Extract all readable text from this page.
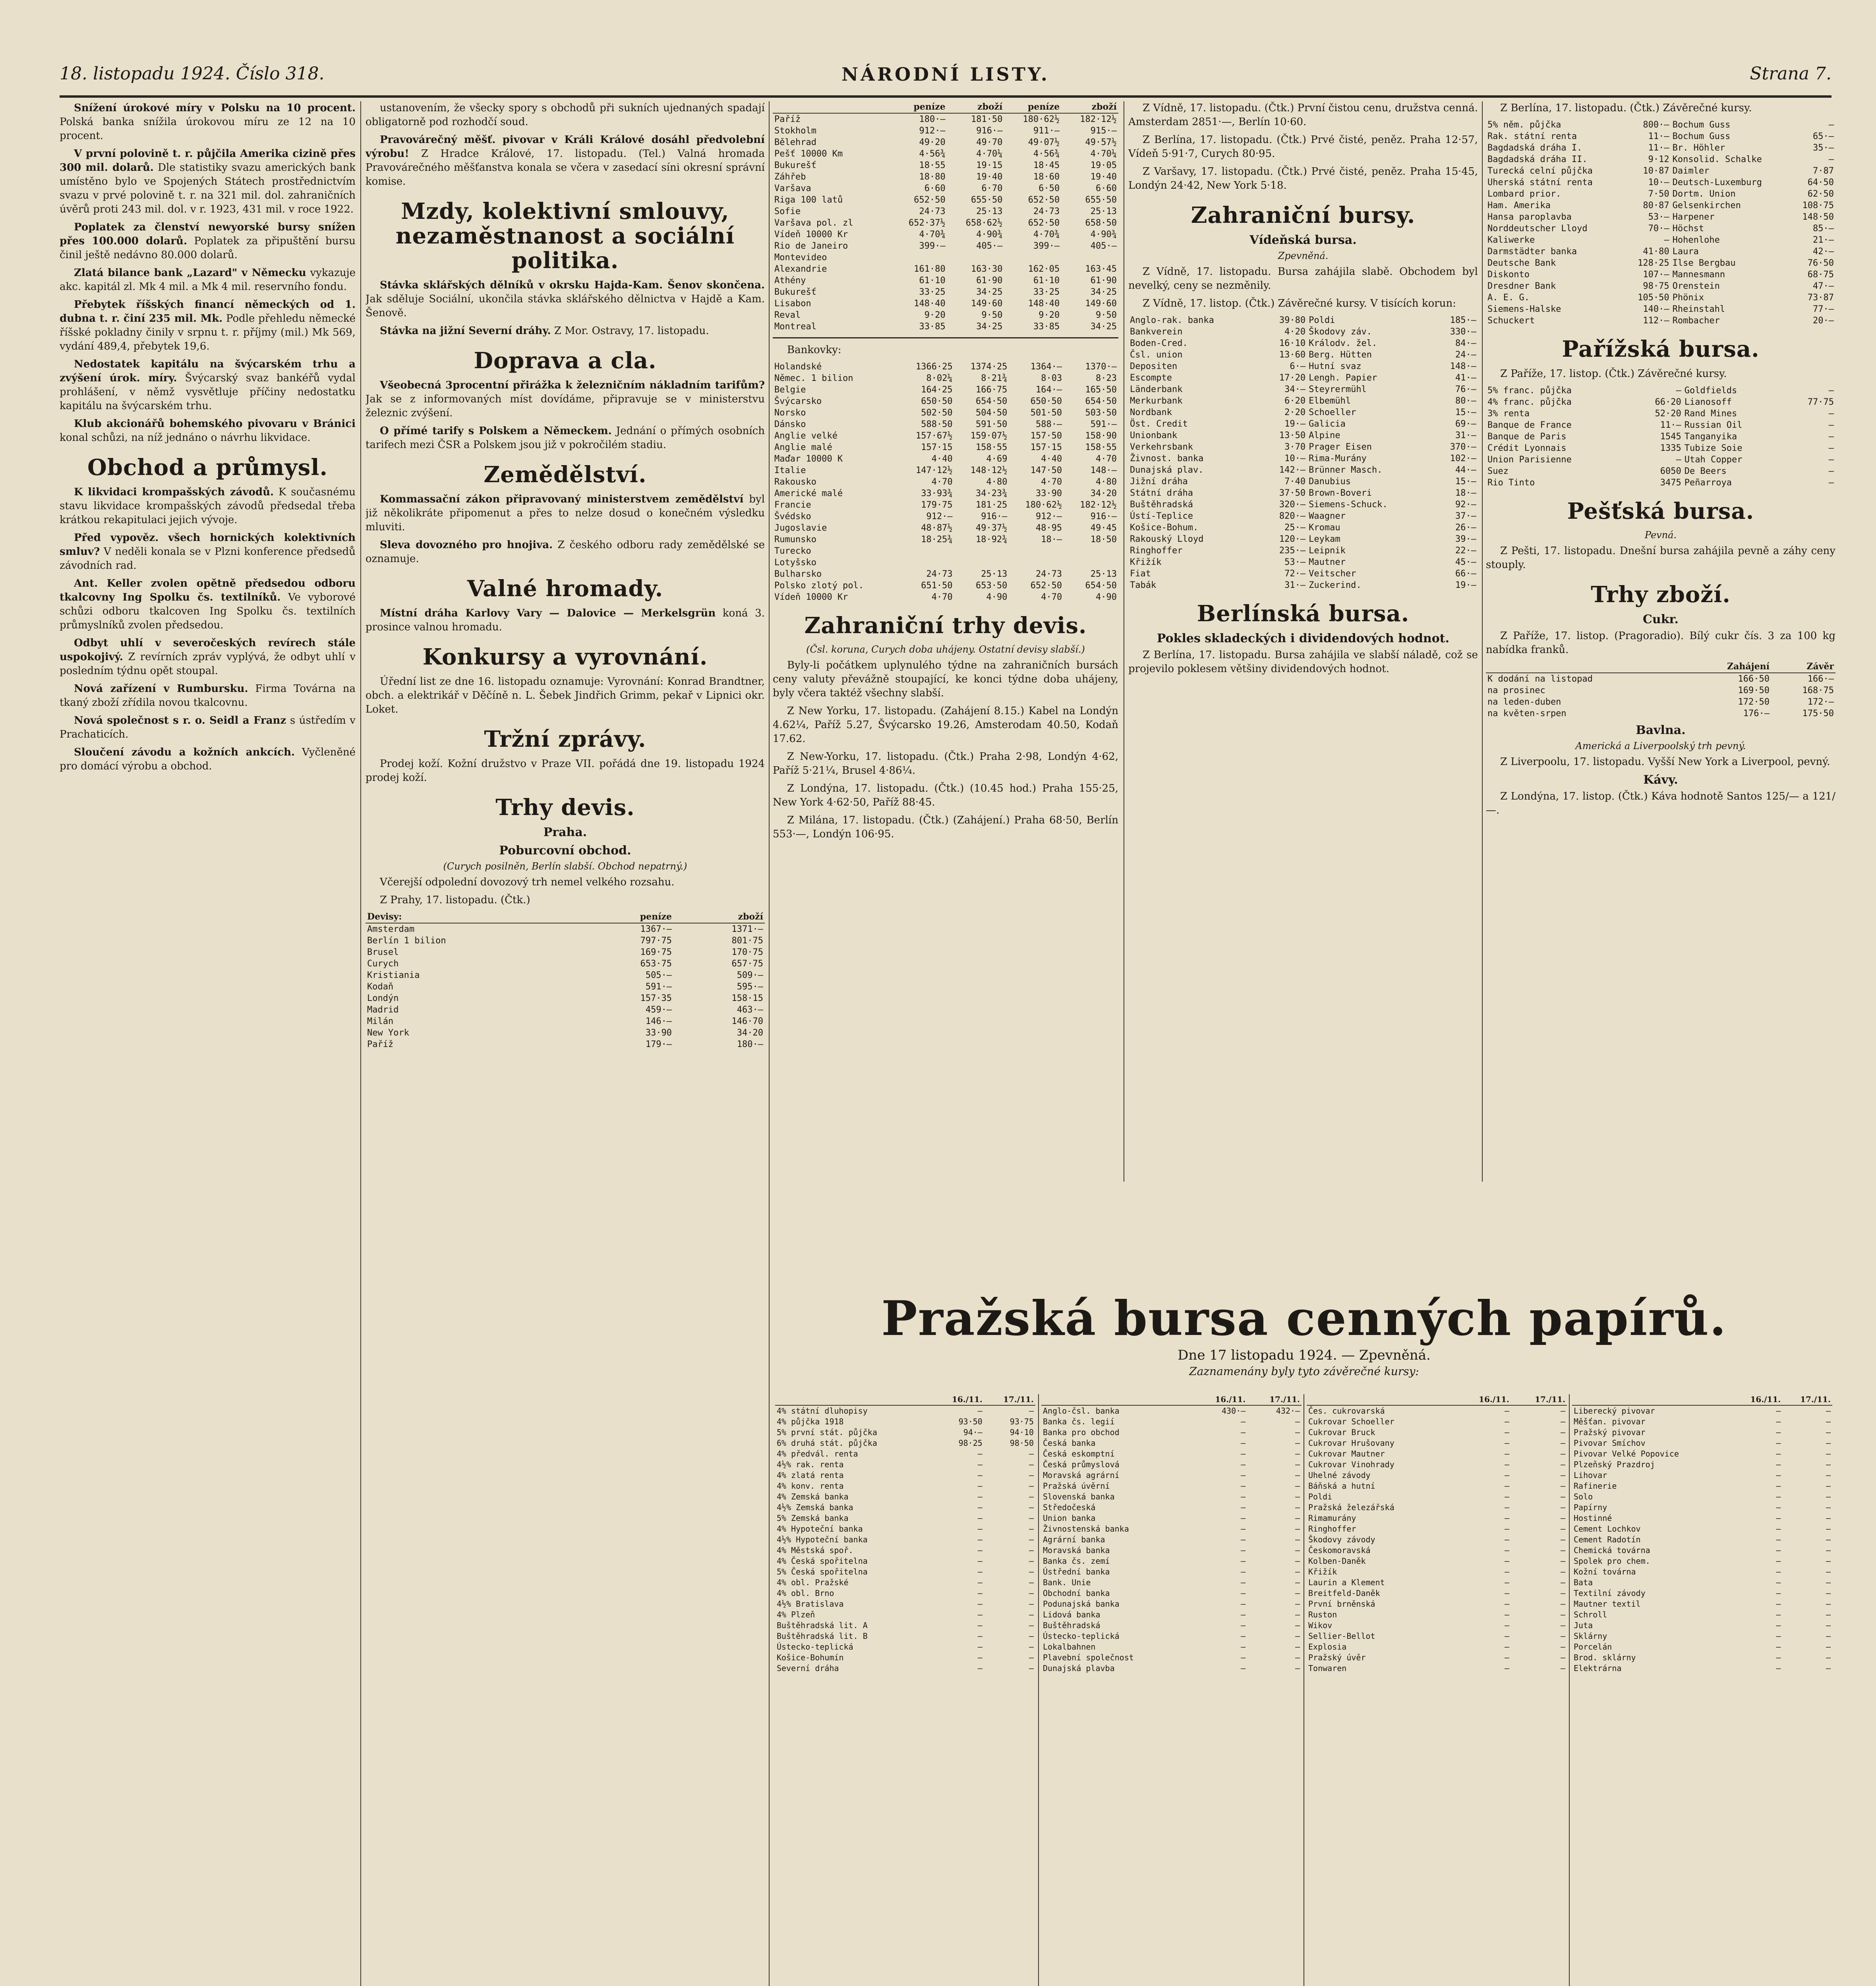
18. listopadu 1924. Číslo 318.	NÁRODNÍ LISTY.	Strana 7.

Snížení úrokové míry v Polsku na 10 procent. Polská banka snížila úrokovou míru ze 12 na 10 procent.

V první polovině t. r. půjčila Amerika cizině přes 300 mil. dolarů. Dle statistiky svazu amerických bank umístěno bylo ve Spojených Státech prostřednictvím svazu v prvé polovině t. r. na 321 mil. dol. zahraničních úvěrů proti 243 mil. dol. v r. 1923, 431 mil. v roce 1922.

Poplatek za členství newyorské bursy snížen přes 100.000 dolarů. Poplatek za připuštění bursu činil ještě nedávno 80.000 dolarů.

Zlatá bilance bank „Lazard" v Německu vykazuje akc. kapitál zl. Mk 4 mil. a Mk 4 mil. reservního fondu.

Přebytek říšských financí německých od 1. dubna t. r. činí 235 mil. Mk. Podle přehledu německé říšské pokladny činily v srpnu t. r. příjmy (mil.) Mk 569, vydání 489,4, přebytek 19,6.

Nedostatek kapitálu na švýcarském trhu a zvýšení úrok. míry. Švýcarský svaz bankéřů vydal prohlášení, v němž vysvětluje příčiny nedostatku kapitálu na švýcarském trhu.

Klub akcionářů bohemského pivovaru v Bránici konal schůzi, na níž jednáno o návrhu likvidace.

Obchod a průmysl.

K likvidaci krompašských závodů. K současnému stavu likvidace krompašských závodů předsedal třeba krátkou rekapitulaci jejich vývoje.

Před vypověz. všech hornických kolektivních smluv? V neděli konala se v Plzni konference předsedů závodních rad.

Ant. Keller zvolen opětně předsedou odboru tkalcovny Ing Spolku čs. textilníků. Ve vyborové schůzi odboru tkalcoven Ing Spolku čs. textilních průmyslníků zvolen předsedou.

Odbyt uhlí v severočeských revírech stále uspokojivý. Z revírních zpráv vyplývá, že odbyt uhlí v posledním týdnu opět stoupal.

Nová zařízení v Rumbursku. Firma Továrna na tkaný zboží zřídila novou tkalcovnu.

Nová společnost s r. o. Seidl a Franz s ústředím v Prachaticích.

Sloučení závodu a kožních ankcích. Vyčleněné pro domácí výrobu a obchod.

ustanovením, že všecky spory s obchodů při sukních ujednaných spadají obligatorně pod rozhodčí soud.

Pravovárečný měšť. pivovar v Králi Králové dosáhl předvolební výrobu! Z Hradce Králové, 17. listopadu. (Tel.) Valná hromada Pravovárečného měšťanstva konala se včera v zasedací síni okresní správní komise.

Mzdy, kolektivní smlouvy, nezaměstnanost a sociální politika.

Stávka sklářských dělníků v okrsku Hajda-Kam. Šenov skončena. Jak sděluje Sociální, ukončila stávka sklářského dělnictva v Hajdě a Kam. Šenově.

Stávka na jižní Severní dráhy. Z Mor. Ostravy, 17. listopadu.

Doprava a cla.

Všeobecná 3procentní přirážka k železničním nákladním tarifům? Jak se z informovaných míst dovídáme, připravuje se v ministerstvu železnic zvýšení.

O přímé tarify s Polskem a Německem. Jednání o přímých osobních tarifech mezi ČSR a Polskem jsou již v pokročilém stadiu.

Zemědělství.

Kommassační zákon připravovaný ministerstvem zemědělství byl již několikráte připomenut a přes to nelze dosud o konečném výsledku mluviti.

Sleva dovozného pro hnojiva. Z českého odboru rady zemědělské se oznamuje.

Valné hromady.

Místní dráha Karlovy Vary — Dalovice — Merkelsgrün koná 3. prosince valnou hromadu.

Konkursy a vyrovnání.

Úřední list ze dne 16. listopadu oznamuje: Vyrovnání: Konrad Brandtner, obch. a elektrikář v Děčíně n. L. Šebek Jindřich Grimm, pekař v Lipnici okr. Loket.

Tržní zprávy.

Prodej koží. Kožní družstvo v Praze VII. pořádá dne 19. listopadu 1924 prodej koží.

Trhy devis.
Praha.
Poburcovní obchod.
(Curych posilněn, Berlín slabší. Obchod nepatrný.)

Včerejší odpolední dovozový trh nemel velkého rozsahu.

Z Prahy, 17. listopadu. (Čtk.)

Devisy:	peníze	zboží
Amsterdam	1367·—	1371·—
Berlín 1 bilion	797·75	801·75
Brusel	169·75	170·75
Curych	653·75	657·75
Kristiania	505·—	509·—
Kodaň	591·—	595·—
Londýn	157·35	158·15
Madrid	459·—	463·—
Milán	146·—	146·70
New York	33·90	34·20
Paříž	179·—	180·—
	peníze	zboží	peníze	zboží
Paříž	180·—	181·50	180·62½	182·12½
Stokholm	912·—	916·—	911·—	915·—
Bělehrad	49·20	49·70	49·07½	49·57½
Pešť 10000 Km	4·56¾	4·70¼	4·56¾	4·70¼
Bukurešť	18·55	19·15	18·45	19·05
Záhřeb	18·80	19·40	18·60	19·40
Varšava	6·60	6·70	6·50	6·60
Riga 100 latů	652·50	655·50	652·50	655·50
Sofie	24·73	25·13	24·73	25·13
Varšava pol. zl	652·37½	658·62½	652·50	658·50
Vídeň 10000 Kr	4·70¾	4·90¾	4·70¾	4·90¾
Rio de Janeiro	399·—	405·—	399·—	405·—
Montevideo				
Alexandrie	161·80	163·30	162·05	163·45
Athény	61·10	61·90	61·10	61·90
Bukurešť	33·25	34·25	33·25	34·25
Lisabon	148·40	149·60	148·40	149·60
Reval	9·20	9·50	9·20	9·50
Montreal	33·85	34·25	33·85	34·25

Bankovky:

Holandské	1366·25	1374·25	1364·—	1370·—
Němec. 1 bilion	8·02¼	8·21¾	8·03	8·23
Belgie	164·25	166·75	164·—	165·50
Švýcarsko	650·50	654·50	650·50	654·50
Norsko	502·50	504·50	501·50	503·50
Dánsko	588·50	591·50	588·—	591·—
Anglie velké	157·67½	159·07½	157·50	158·90
Anglie malé	157·15	158·55	157·15	158·55
Maďar 10000 K	4·40	4·69	4·40	4·70
Italie	147·12½	148·12½	147·50	148·—
Rakousko	4·70	4·80	4·70	4·80
Americké malé	33·93¾	34·23¾	33·90	34·20
Francie	179·75	181·25	180·62½	182·12½
Švédsko	912·—	916·—	912·—	916·—
Jugoslavie	48·87½	49·37½	48·95	49·45
Rumunsko	18·25¾	18·92¾	18·—	18·50
Turecko				
Lotyšsko				
Bulharsko	24·73	25·13	24·73	25·13
Polsko zlotý pol.	651·50	653·50	652·50	654·50
Vídeň 10000 Kr	4·70	4·90	4·70	4·90
Zahraniční trhy devis.
(Čsl. koruna, Curych doba uhájeny. Ostatní devisy slabší.)

Byly-li počátkem uplynulého týdne na zahraničních bursách ceny valuty převážně stoupající, ke konci týdne doba uhájeny, byly včera taktéž všechny slabší.

Z New Yorku, 17. listopadu. (Zahájení 8.15.) Kabel na Londýn 4.62¼, Paříž 5.27, Švýcarsko 19.26, Amsterodam 40.50, Kodaň 17.62.

Z New-Yorku, 17. listopadu. (Čtk.) Praha 2·98, Londýn 4·62, Paříž 5·21¼, Brusel 4·86¼.

Z Londýna, 17. listopadu. (Čtk.) (10.45 hod.) Praha 155·25, New York 4·62·50, Paříž 88·45.

Z Milána, 17. listopadu. (Čtk.) (Zahájení.) Praha 68·50, Berlín 553·—, Londýn 106·95.

Z Vídně, 17. listopadu. (Čtk.) První čistou cenu, družstva cenná. Amsterdam 2851·—, Berlín 10·60.

Z Berlína, 17. listopadu. (Čtk.) Prvé čisté, peněz. Praha 12·57, Vídeň 5·91·7, Curych 80·95.

Z Varšavy, 17. listopadu. (Čtk.) Prvé čisté, peněz. Praha 15·45, Londýn 24·42, New York 5·18.

Zahraniční bursy.
Vídeňská bursa.
Zpevněná.

Z Vídně, 17. listopadu. Bursa zahájila slabě. Obchodem byl nevelký, ceny se nezměnily.

Z Vídně, 17. listop. (Čtk.) Závěrečné kursy. V tisících korun:

Anglo-rak. banka	39·80	Poldi	185·—
Bankverein	4·20	Škodovy záv.	330·—
Boden-Cred.	16·10	Králodv. žel.	84·—
Čsl. union	13·60	Berg. Hütten	24·—
Depositen	6·—	Hutní svaz	148·—
Escompte	17·20	Lengh. Papier	41·—
Länderbank	34·—	Steyrermühl	76·—
Merkurbank	6·20	Elbemühl	80·—
Nordbank	2·20	Schoeller	15·—
Öst. Credit	19·—	Galicia	69·—
Unionbank	13·50	Alpine	31·—
Verkehrsbank	3·70	Prager Eisen	370·—
Živnost. banka	10·—	Rima-Murány	102·—
Dunajská plav.	142·—	Brünner Masch.	44·—
Jižní dráha	7·40	Danubius	15·—
Státní dráha	37·50	Brown-Boveri	18·—
Buštěhradská	320·—	Siemens-Schuck.	92·—
Ústí-Teplice	820·—	Waagner	37·—
Košice-Bohum.	25·—	Kromau	26·—
Rakouský Lloyd	120·—	Leykam	39·—
Ringhoffer	235·—	Leipnik	22·—
Křižík	53·—	Mautner	45·—
Fiat	72·—	Veitscher	66·—
Tabák	31·—	Zuckerind.	19·—
Berlínská bursa.
Pokles skladeckých i dividendových hodnot.

Z Berlína, 17. listopadu. Bursa zahájila ve slabší náladě, což se projevilo poklesem většiny dividendových hodnot.

Z Berlína, 17. listopadu. (Čtk.) Závěrečné kursy.

5% něm. půjčka	800·—	Bochum Guss	—
Rak. státní renta	11·—	Bochum Guss	65·—
Bagdadská dráha I.	11·—	Br. Höhler	35·—
Bagdadská dráha II.	9·12	Konsolid. Schalke	—
Turecká celní půjčka	10·87	Daimler	7·87
Uherská státní renta	10·—	Deutsch-Luxemburg	64·50
Lombard prior.	7·50	Dortm. Union	62·50
Ham. Amerika	80·87	Gelsenkirchen	108·75
Hansa paroplavba	53·—	Harpener	148·50
Norddeutscher Lloyd	70·—	Höchst	85·—
Kaliwerke	—	Hohenlohe	21·—
Darmstädter banka	41·80	Laura	42·—
Deutsche Bank	128·25	Ilse Bergbau	76·50
Diskonto	107·—	Mannesmann	68·75
Dresdner Bank	98·75	Orenstein	47·—
A. E. G.	105·50	Phönix	73·87
Siemens-Halske	140·—	Rheinstahl	77·—
Schuckert	112·—	Rombacher	20·—
Pařížská bursa.

Z Paříže, 17. listop. (Čtk.) Závěrečné kursy.

5% franc. půjčka	—	Goldfields	—
4% franc. půjčka	66·20	Lianosoff	77·75
3% renta	52·20	Rand Mines	—
Banque de France	11·—	Russian Oil	—
Banque de Paris	1545	Tanganyika	—
Crédit Lyonnais	1335	Tubize Soie	—
Union Parisienne	—	Utah Copper	—
Suez	6050	De Beers	—
Rio Tinto	3475	Peñarroya	—
Pešťská bursa.
Pevná.

Z Pešti, 17. listopadu. Dnešní bursa zahájila pevně a záhy ceny stouply.

Trhy zboží.
Cukr.

Z Paříže, 17. listop. (Pragoradio). Bílý cukr čís. 3 za 100 kg nabídka franků.

	Zahájení	Závěr
K dodání na listopad	166·50	166·—
na prosinec	169·50	168·75
na leden-duben	172·50	172·—
na květen-srpen	176·—	175·50
Bavlna.
Americká a Liverpoolský trh pevný.

Z Liverpoolu, 17. listopadu. Vyšší New York a Liverpool, pevný.

Kávy.

Z Londýna, 17. listop. (Čtk.) Káva hodnotě Santos 125/— a 121/—.

Pražská bursa cenných papírů.
Dne 17 listopadu 1924. — Zpevněná.
Zaznamenány byly tyto závěrečné kursy:
	16./11.	17./11.
4% státní dluhopisy	—	—
4% půjčka 1918	93·50	93·75
5% první stát. půjčka	94·—	94·10
6% druhá stát. půjčka	98·25	98·50
4% předvál. renta	—	—
4½% rak. renta	—	—
4% zlatá renta	—	—
4% konv. renta	—	—
4% Zemská banka	—	—
4½% Zemská banka	—	—
5% Zemská banka	—	—
4% Hypoteční banka	—	—
4½% Hypoteční banka	—	—
4% Městská spoř.	—	—
4% Česká spořitelna	—	—
5% Česká spořitelna	—	—
4% obl. Pražské	—	—
4% obl. Brno	—	—
4½% Bratislava	—	—
4% Plzeň	—	—
Buštěhradská lit. A	—	—
Buštěhradská lit. B	—	—
Ústecko-teplická	—	—
Košice-Bohumín	—	—
Severní dráha	—	—
	16./11.	17./11.
Anglo-čsl. banka	430·—	432·—
Banka čs. legií	—	—
Banka pro obchod	—	—
Česká banka	—	—
Česká eskomptní	—	—
Česká průmyslová	—	—
Moravská agrární	—	—
Pražská úvěrní	—	—
Slovenská banka	—	—
Středočeská	—	—
Union banka	—	—
Živnostenská banka	—	—
Agrární banka	—	—
Moravská banka	—	—
Banka čs. zemí	—	—
Ústřední banka	—	—
Bank. Unie	—	—
Obchodní banka	—	—
Podunajská banka	—	—
Lidová banka	—	—
Buštěhradská	—	—
Ústecko-teplická	—	—
Lokalbahnen	—	—
Plavební společnost	—	—
Dunajská plavba	—	—
	16./11.	17./11.
Čes. cukrovarská	—	—
Cukrovar Schoeller	—	—
Cukrovar Bruck	—	—
Cukrovar Hrušovany	—	—
Cukrovar Mautner	—	—
Cukrovar Vinohrady	—	—
Uhelné závody	—	—
Báňská a hutní	—	—
Poldi	—	—
Pražská železářská	—	—
Rimamurány	—	—
Ringhoffer	—	—
Škodovy závody	—	—
Českomoravská	—	—
Kolben-Daněk	—	—
Křižík	—	—
Laurin a Klement	—	—
Breitfeld-Daněk	—	—
První brněnská	—	—
Ruston	—	—
Wikov	—	—
Sellier-Bellot	—	—
Explosia	—	—
Pražský úvěr	—	—
Tonwaren	—	—
	16./11.	17./11.
Liberecký pivovar	—	—
Měšťan. pivovar	—	—
Pražský pivovar	—	—
Pivovar Smíchov	—	—
Pivovar Velké Popovice	—	—
Plzeňský Prazdroj	—	—
Lihovar	—	—
Rafinerie	—	—
Solo	—	—
Papírny	—	—
Hostinné	—	—
Cement Lochkov	—	—
Cement Radotín	—	—
Chemická továrna	—	—
Spolek pro chem.	—	—
Kožní továrna	—	—
Bata	—	—
Textilní závody	—	—
Mautner textil	—	—
Schroll	—	—
Juta	—	—
Sklárny	—	—
Porcelán	—	—
Brod. sklárny	—	—
Elektrárna	—	—
